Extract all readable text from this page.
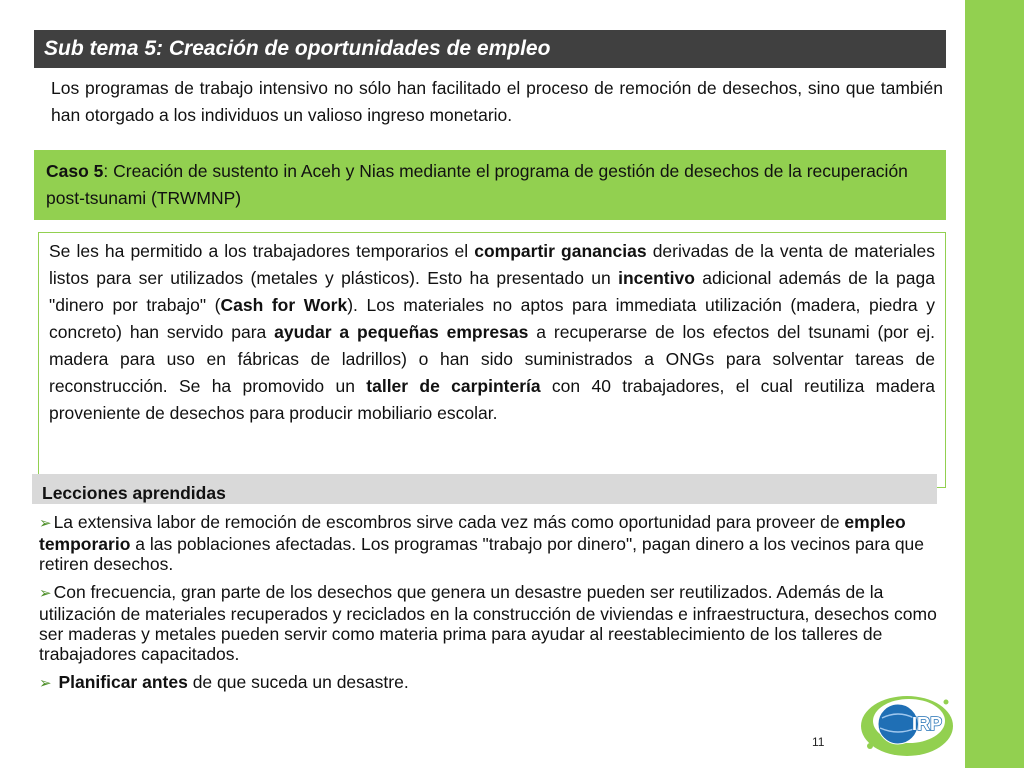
Sub tema 5: Creación de oportunidades de empleo
Los programas de trabajo intensivo no sólo han facilitado el proceso de remoción de desechos, sino que también han otorgado a los individuos un valioso ingreso monetario.
Caso 5: Creación de sustento in Aceh y Nias mediante el programa de gestión de desechos de la recuperación post-tsunami (TRWMNP)
Se les ha permitido a los trabajadores temporarios el compartir ganancias derivadas de la venta de materiales listos para ser utilizados (metales y plásticos). Esto ha presentado un incentivo adicional además de la paga "dinero por trabajo" (Cash for Work). Los materiales no aptos para immediata utilización (madera, piedra y concreto) han servido para ayudar a pequeñas empresas a recuperarse de los efectos del tsunami (por ej. madera para uso en fábricas de ladrillos) o han sido suministrados a ONGs para solventar tareas de reconstrucción. Se ha promovido un taller de carpintería con 40 trabajadores, el cual reutiliza madera proveniente de desechos para producir mobiliario escolar.
Lecciones aprendidas
➢ La extensiva labor de remoción de escombros sirve cada vez más como oportunidad para proveer de empleo temporario a las poblaciones afectadas. Los programas "trabajo por dinero", pagan dinero a los vecinos para que retiren desechos.
➢ Con frecuencia, gran parte de los desechos que genera un desastre pueden ser reutilizados. Además de la utilización de materiales recuperados y reciclados en la construcción de viviendas e infraestructura, desechos como ser maderas y metales pueden servir como materia prima para ayudar al reestablecimiento de los talleres de trabajadores capacitados.
➢ Planificar antes de que suceda un desastre.
11
IRP
